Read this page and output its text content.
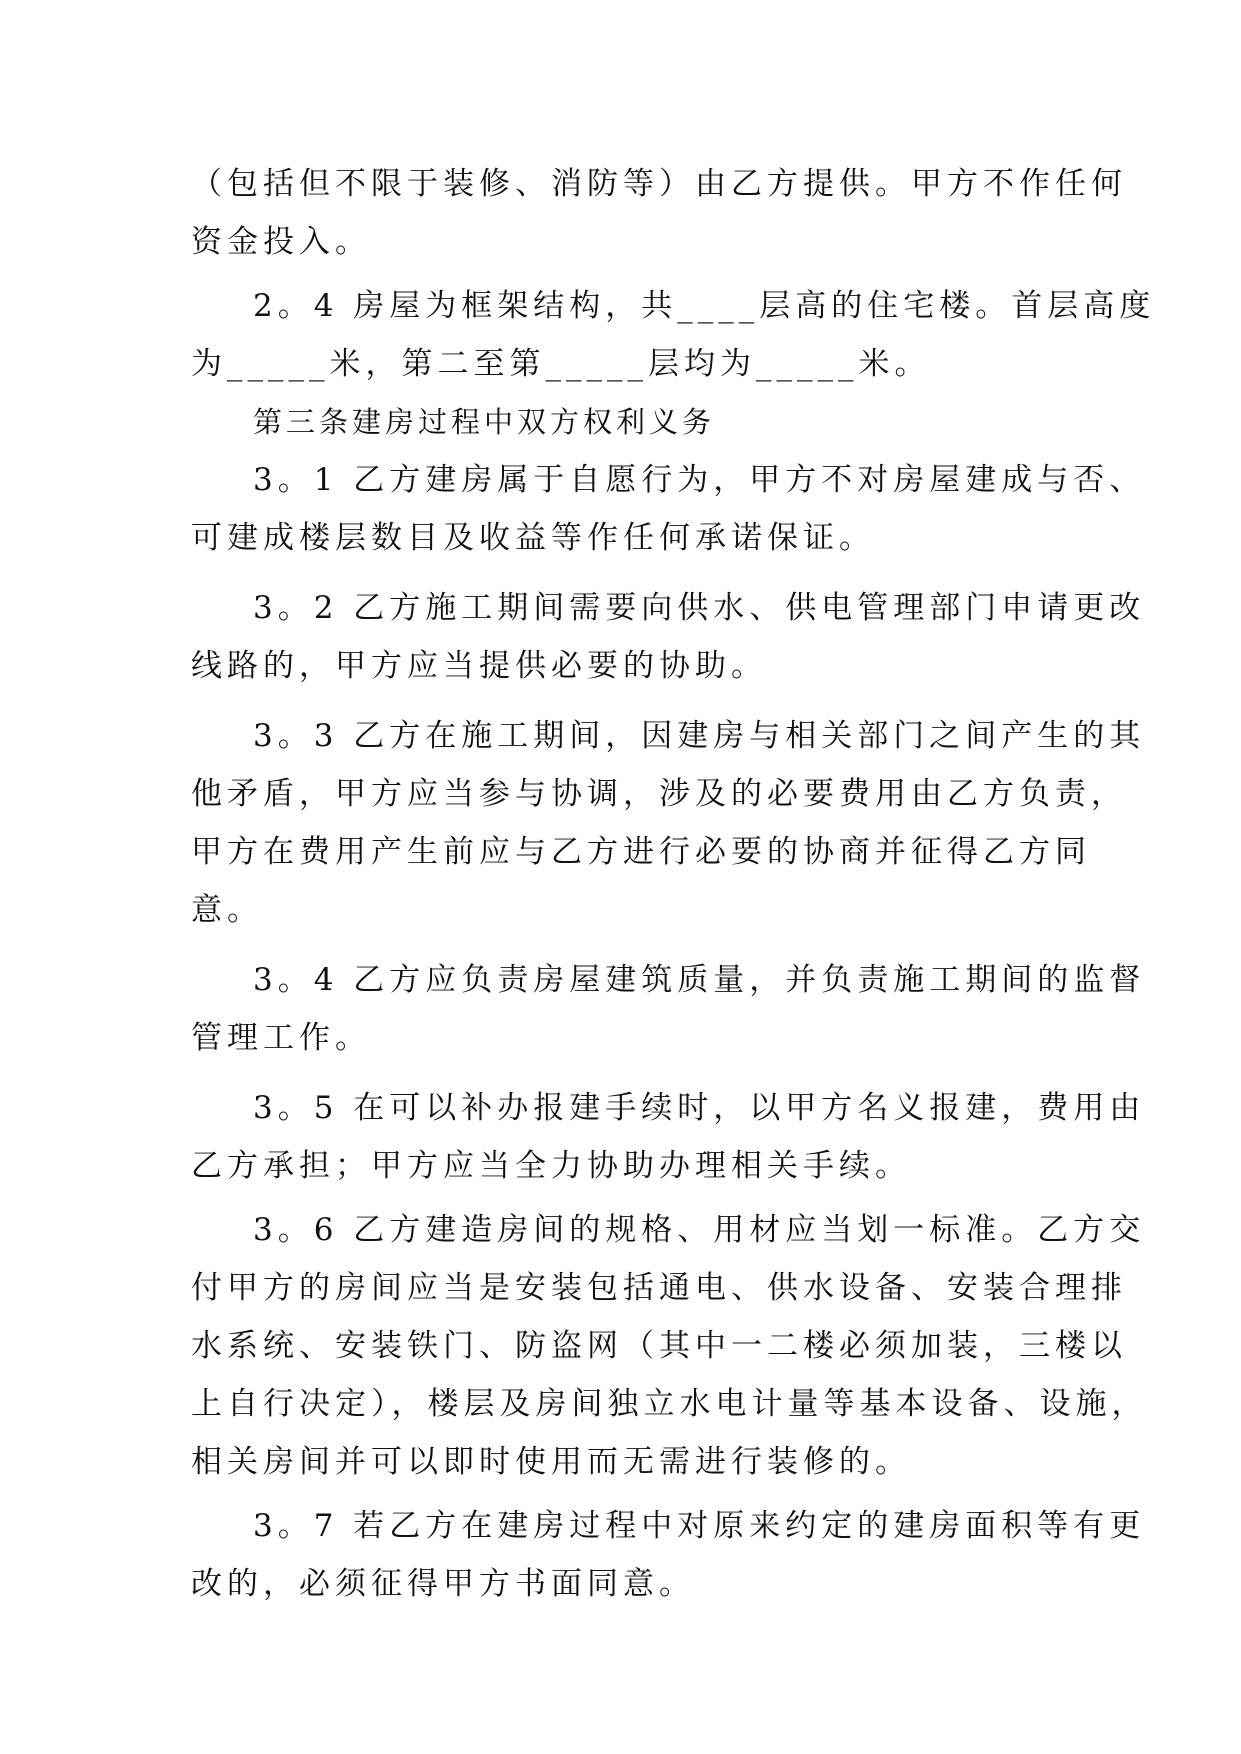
（包括但不限于装修、消防等）由乙方提供。甲方不作任何
资金投入。
2。4 房屋为框架结构，共____层高的住宅楼。首层高度
为_____米，第二至第_____层均为_____米。
第三条建房过程中双方权利义务
3。1 乙方建房属于自愿行为，甲方不对房屋建成与否、
可建成楼层数目及收益等作任何承诺保证。
3。2 乙方施工期间需要向供水、供电管理部门申请更改
线路的，甲方应当提供必要的协助。
3。3 乙方在施工期间，因建房与相关部门之间产生的其
他矛盾，甲方应当参与协调，涉及的必要费用由乙方负责，
甲方在费用产生前应与乙方进行必要的协商并征得乙方同
意。
3。4 乙方应负责房屋建筑质量，并负责施工期间的监督
管理工作。
3。5 在可以补办报建手续时，以甲方名义报建，费用由
乙方承担；甲方应当全力协助办理相关手续。
3。6 乙方建造房间的规格、用材应当划一标准。乙方交
付甲方的房间应当是安装包括通电、供水设备、安装合理排
水系统、安装铁门、防盗网（其中一二楼必须加装，三楼以
上自行决定），楼层及房间独立水电计量等基本设备、设施，
相关房间并可以即时使用而无需进行装修的。
3。7 若乙方在建房过程中对原来约定的建房面积等有更
改的，必须征得甲方书面同意。
